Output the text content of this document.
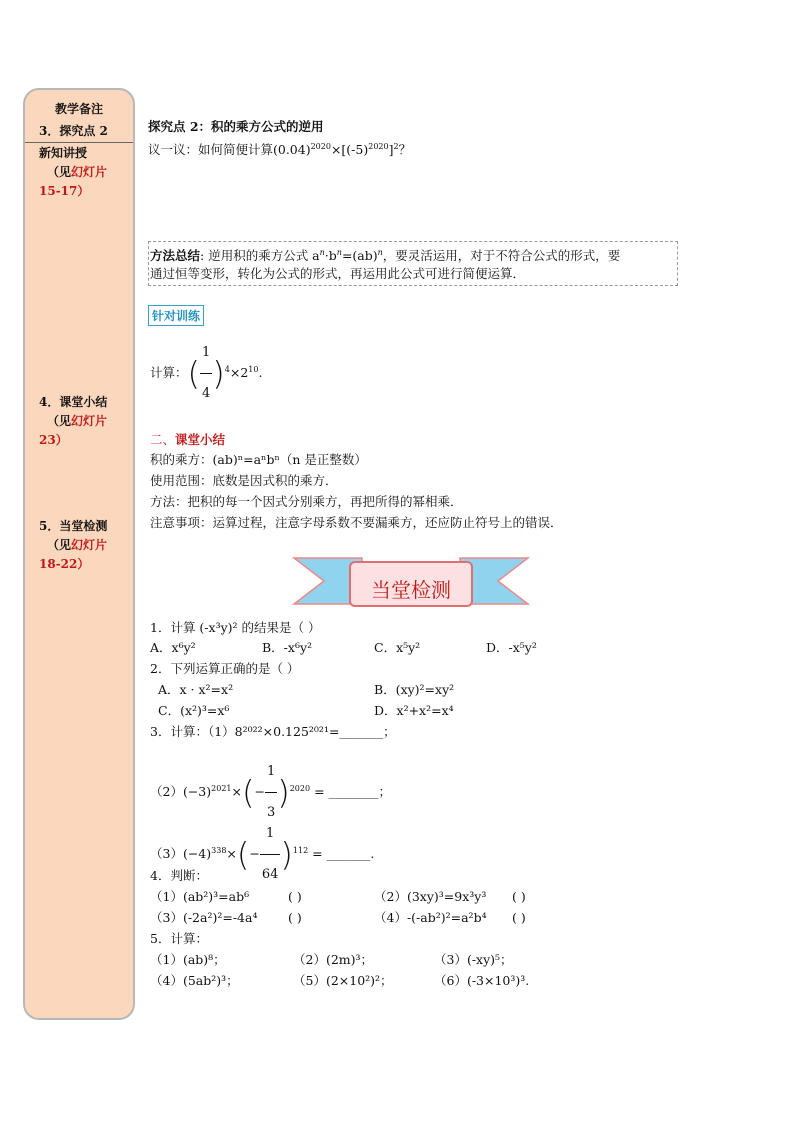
教学备注
3．探究点 2
新知讲授
（见幻灯片
15-17）
4．课堂小结
（见幻灯片
23）
5．当堂检测
（见幻灯片
18-22）
探究点 2：积的乘方公式的逆用
议一议：如何简便计算$(0.04)^{2020}\times[(-5)^{2020}]^2$？
方法总结: 逆用积的乘方公式 $a^n\cdot b^n=(ab)^n$，要灵活运用，对于不符合公式的形式，要
通过恒等变形，转化为公式的形式，再运用此公式可进行简便运算．
针对训练
计算：( $\frac{1}{4} )^4\times 2^{10}$.
二、课堂小结
积的乘方：(ab)ⁿ=aⁿbⁿ（n 是正整数）
使用范围：底数是因式积的乘方．
方法：把积的每一个因式分别乘方，再把所得的幂相乘．
注意事项：运算过程，注意字母系数不要漏乘方，还应防止符号上的错误．
当堂检测
1．计算 (-x³y)² 的结果是（ ）
A．x⁶y²	B．-x⁶y²	C．x⁵y²	D．-x⁵y²
2．下列运算正确的是（ ）
A．x · x²=x²	B．(xy)²=xy²
C．(x²)³=x⁶	D．x²+x²=x⁴
3．计算：（1）8²⁰²²×0.125²⁰²¹=_______；
$(2)(-3)^{2021}\times(- \frac{1}{3} )^{2020}$ = ________；
$(3)(-4)^{338}\times(- \frac{1}{64} )^{112}$ = _______.
4．判断：
（1）(ab²)³=ab⁶	( )	（2）(3xy)³=9x³y³ ( )
（3）(-2a²)²=-4a⁴ ( )	（4）-(-ab²)²=a²b⁴ ( )
5．计算：
（1）(ab)⁸；	（2）(2m)³；	（3）(-xy)⁵；
（4）(5ab²)³；	（5）(2×10²)²；	（6）(-3×10³)³.
